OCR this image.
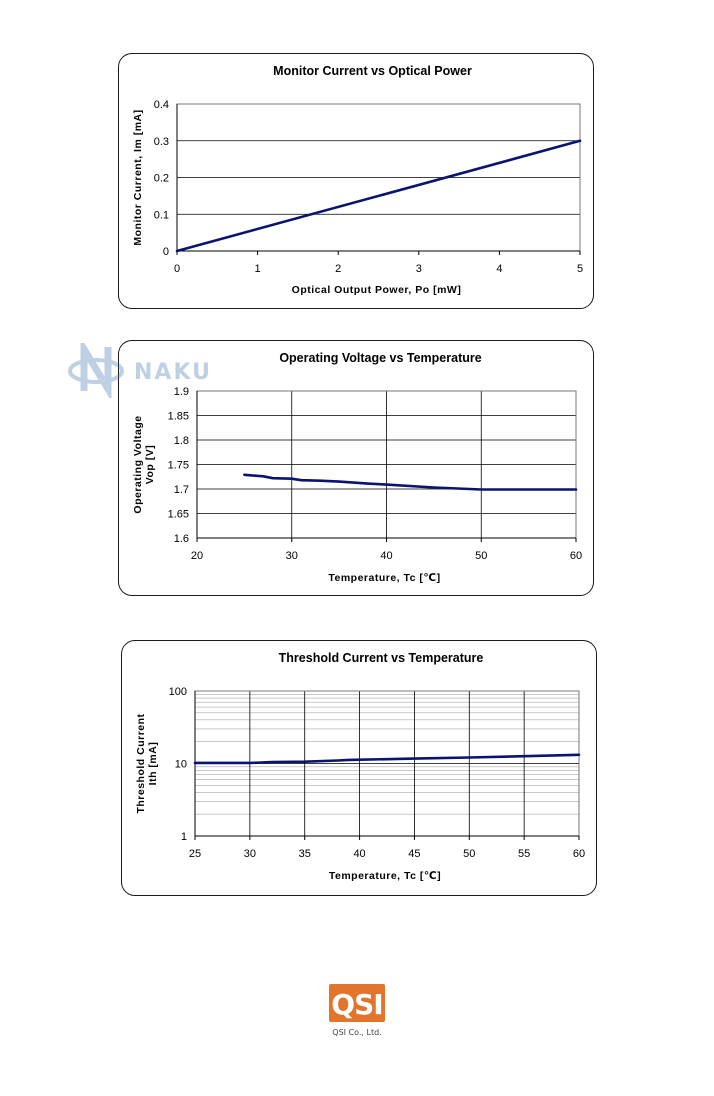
Monitor Current vs Optical Power
0
0.1
0.2
0.3
0.4
0	1	2	3	4	5
Optical Output Power, Po [mW]
Monitor Current, Im [mA]
Operating Voltage vs Temperature
1.6
1.65
1.7
1.75
1.8
1.85
1.9
20	30	40	50	60
Temperature, Tc [℃]
Operating Voltage Vop [V]
Threshold Current vs Temperature
1
10
100
25	30	35	40	45	50	55	60
Temperature, Tc [℃]
Threshold Current Ith [mA]
NAKU
QSI
QSI Co., Ltd.
